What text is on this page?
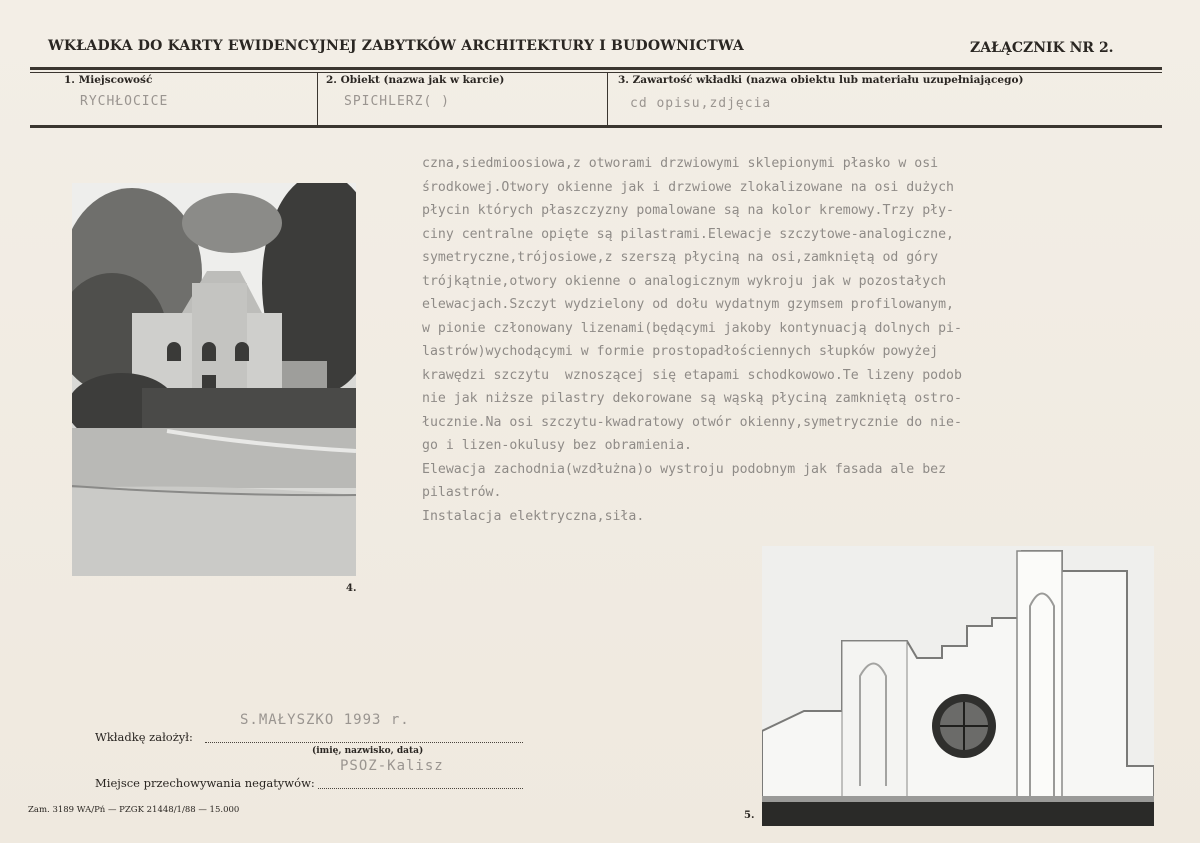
WKŁADKA DO KARTY EWIDENCYJNEJ ZABYTKÓW ARCHITEKTURY I BUDOWNICTWA	ZAŁĄCZNIK NR 2.
1. Miejscowość
RYCHŁOCICE
2. Obiekt (nazwa jak w karcie)
SPICHLERZ( )
3. Zawartość wkładki (nazwa obiektu lub materiału uzupełniającego)
cd opisu,zdjęcia
czna,siedmioosiowa,z otworami drzwiowymi sklepionymi płasko w osi
środkowej.Otwory okienne jak i drzwiowe zlokalizowane na osi dużych
płycin których płaszczyzny pomalowane są na kolor kremowy.Trzy pły-
ciny centralne opięte są pilastrami.Elewacje szczytowe-analogiczne,
symetryczne,trójosiowe,z szerszą płyciną na osi,zamkniętą od góry
trójkątnie,otwory okienne o analogicznym wykroju jak w pozostałych
elewacjach.Szczyt wydzielony od dołu wydatnym gzymsem profilowanym,
w pionie członowany lizenami(będącymi jakoby kontynuacją dolnych pi-
lastrów)wychodącymi w formie prostopadłościennych słupków powyżej
krawędzi szczytu  wznoszącej się etapami schodkowowo.Te lizeny podob
nie jak niższe pilastry dekorowane są wąską płyciną zamkniętą ostro-
łucznie.Na osi szczytu-kwadratowy otwór okienny,symetrycznie do nie-
go i lizen-okulusy bez obramienia.
Elewacja zachodnia(wzdłużna)o wystroju podobnym jak fasada ale bez
pilastrów.
Instalacja elektryczna,siła.
4.
5.
Wkładkę założył:
S.MAŁYSZKO 1993 r.
(imię, nazwisko, data)
Miejsce przechowywania negatywów:
PSOZ-Kalisz
Zam. 3189 WA/Pń — PZGK 21448/1/88 — 15.000
